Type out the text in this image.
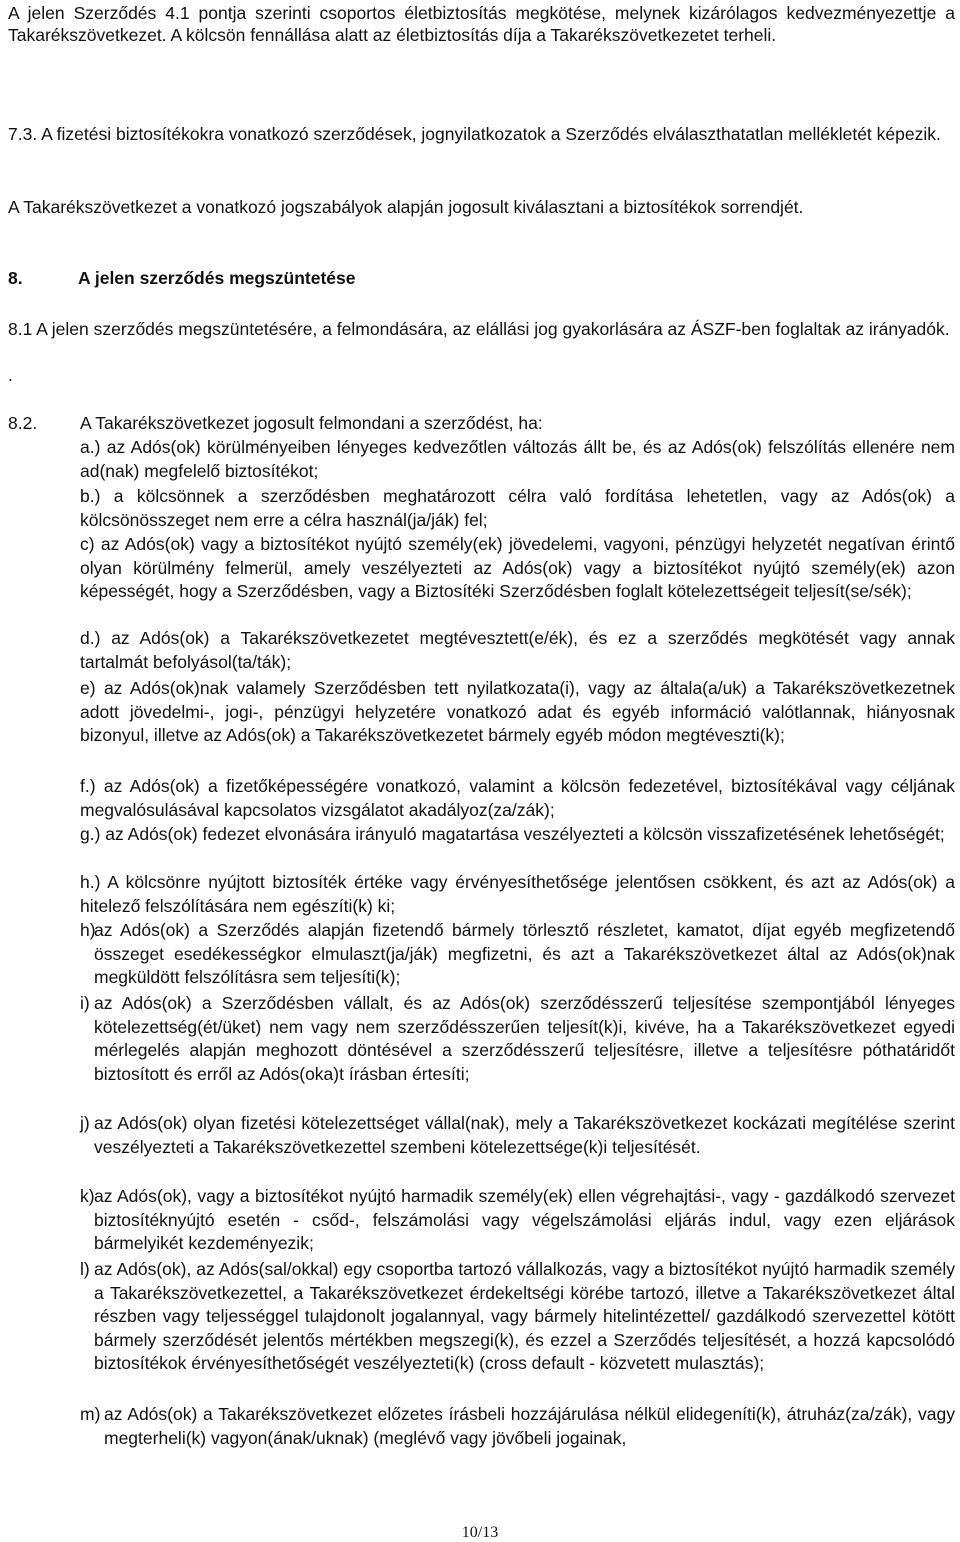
A jelen Szerződés 4.1 pontja szerinti csoportos életbiztosítás megkötése, melynek kizárólagos kedvezményezettje a Takarékszövetkezet. A kölcsön fennállása alatt az életbiztosítás díja a Takarékszövetkezetet terheli.

7.3. A fizetési biztosítékokra vonatkozó szerződések, jognyilatkozatok a Szerződés elválaszthatatlan mellékletét képezik.

A Takarékszövetkezet a vonatkozó jogszabályok alapján jogosult kiválasztani a biztosítékok sorrendjét.

8.	A jelen szerződés megszüntetése

8.1 A jelen szerződés megszüntetésére, a felmondására, az elállási jog gyakorlására az ÁSZF-ben foglaltak az irányadók.

.

8.2. A Takarékszövetkezet jogosult felmondani a szerződést, ha:

a.) az Adós(ok) körülményeiben lényeges kedvezőtlen változás állt be, és az Adós(ok) felszólítás ellenére nem ad(nak) megfelelő biztosítékot;

b.) a kölcsönnek a szerződésben meghatározott célra való fordítása lehetetlen, vagy az Adós(ok) a kölcsönösszeget nem erre a célra használ(ja/ják) fel;

c) az Adós(ok) vagy a biztosítékot nyújtó személy(ek) jövedelemi, vagyoni, pénzügyi helyzetét negatívan érintő olyan körülmény felmerül, amely veszélyezteti az Adós(ok) vagy a biztosítékot nyújtó személy(ek) azon képességét, hogy a Szerződésben, vagy a Biztosítéki Szerződésben foglalt kötelezettségeit teljesít(se/sék);

d.) az Adós(ok) a Takarékszövetkezetet megtévesztett(e/ék), és ez a szerződés megkötését vagy annak tartalmát befolyásol(ta/ták);

e) az Adós(ok)nak valamely Szerződésben tett nyilatkozata(i), vagy az általa(a/uk) a Takarékszövetkezetnek adott jövedelmi-, jogi-, pénzügyi helyzetére vonatkozó adat és egyéb információ valótlannak, hiányosnak bizonyul, illetve az Adós(ok) a Takarékszövetkezetet bármely egyéb módon megtéveszti(k);

f.) az Adós(ok) a fizetőképességére vonatkozó, valamint a kölcsön fedezetével, biztosítékával vagy céljának megvalósulásával kapcsolatos vizsgálatot akadályoz(za/zák);

g.) az Adós(ok) fedezet elvonására irányuló magatartása veszélyezteti a kölcsön visszafizetésének lehetőségét;

h.) A kölcsönre nyújtott biztosíték értéke vagy érvényesíthetősége jelentősen csökkent, és azt az Adós(ok) a hitelező felszólítására nem egészíti(k) ki;

h)
az Adós(ok) a Szerződés alapján fizetendő bármely törlesztő részletet, kamatot, díjat egyéb megfizetendő összeget esedékességkor elmulaszt(ja/ják) megfizetni, és azt a Takarékszövetkezet által az Adós(ok)nak megküldött felszólításra sem teljesíti(k);
i) az Adós(ok) a Szerződésben vállalt, és az Adós(ok) szerződésszerű teljesítése szempontjából lényeges kötelezettség(ét/üket) nem vagy nem szerződésszerűen teljesít(k)i, kivéve, ha a Takarékszövetkezet egyedi mérlegelés alapján meghozott döntésével a szerződésszerű teljesítésre, illetve a teljesítésre póthatáridőt biztosított és erről az Adós(oka)t írásban értesíti;
j) az Adós(ok) olyan fizetési kötelezettséget vállal(nak), mely a Takarékszövetkezet kockázati megítélése szerint veszélyezteti a Takarékszövetkezettel szembeni kötelezettsége(k)i teljesítését.
k) az Adós(ok), vagy a biztosítékot nyújtó harmadik személy(ek) ellen végrehajtási-, vagy - gazdálkodó szervezet biztosítéknyújtó esetén - csőd-, felszámolási vagy végelszámolási eljárás indul, vagy ezen eljárások bármelyikét kezdeményezik;
l) az Adós(ok), az Adós(sal/okkal) egy csoportba tartozó vállalkozás, vagy a biztosítékot nyújtó harmadik személy a Takarékszövetkezettel, a Takarékszövetkezet érdekeltségi körébe tartozó, illetve a Takarékszövetkezet által részben vagy teljességgel tulajdonolt jogalannyal, vagy bármely hitelintézettel/ gazdálkodó szervezettel kötött bármely szerződését jelentős mértékben megszegi(k), és ezzel a Szerződés teljesítését, a hozzá kapcsolódó biztosítékok érvényesíthetőségét veszélyezteti(k) (cross default - közvetett mulasztás);
m) az Adós(ok) a Takarékszövetkezet előzetes írásbeli hozzájárulása nélkül elidegeníti(k), átruház(za/zák), vagy megterheli(k) vagyon(ának/uknak) (meglévő vagy jövőbeli jogainak,
10/13
